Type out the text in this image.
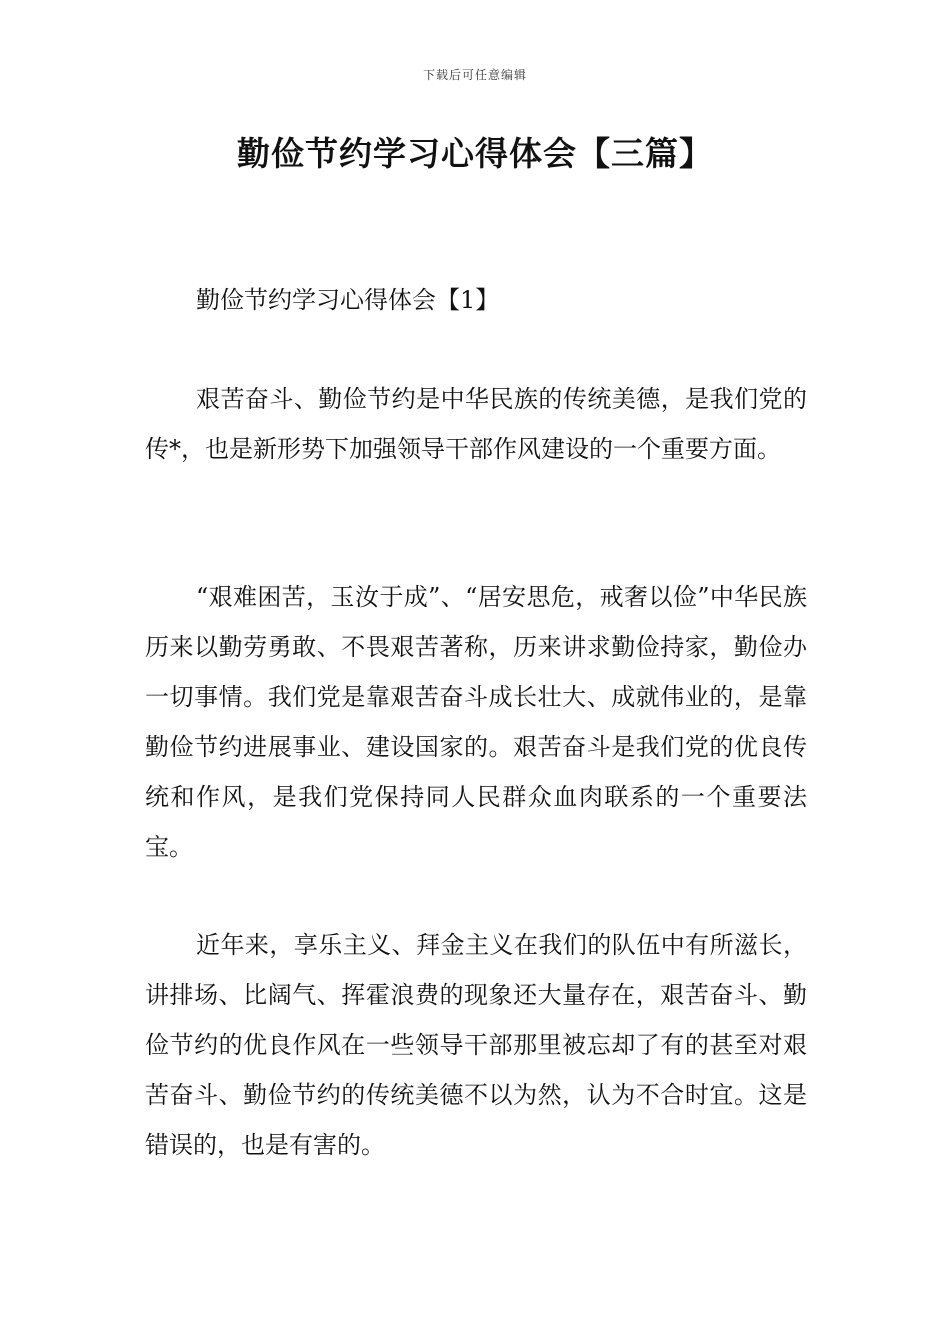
下载后可任意编辑
勤俭节约学习心得体会【三篇】
勤俭节约学习心得体会【1】

艰苦奋斗、勤俭节约是中华民族的传统美德，是我们党的传*，也是新形势下加强领导干部作风建设的一个重要方面。

“艰难困苦，玉汝于成”、“居安思危，戒奢以俭”中华民族历来以勤劳勇敢、不畏艰苦著称，历来讲求勤俭持家，勤俭办一切事情。我们党是靠艰苦奋斗成长壮大、成就伟业的，是靠勤俭节约进展事业、建设国家的。艰苦奋斗是我们党的优良传统和作风，是我们党保持同人民群众血肉联系的一个重要法宝。

近年来，享乐主义、拜金主义在我们的队伍中有所滋长，讲排场、比阔气、挥霍浪费的现象还大量存在，艰苦奋斗、勤俭节约的优良作风在一些领导干部那里被忘却了有的甚至对艰苦奋斗、勤俭节约的传统美德不以为然，认为不合时宜。这是错误的，也是有害的。
